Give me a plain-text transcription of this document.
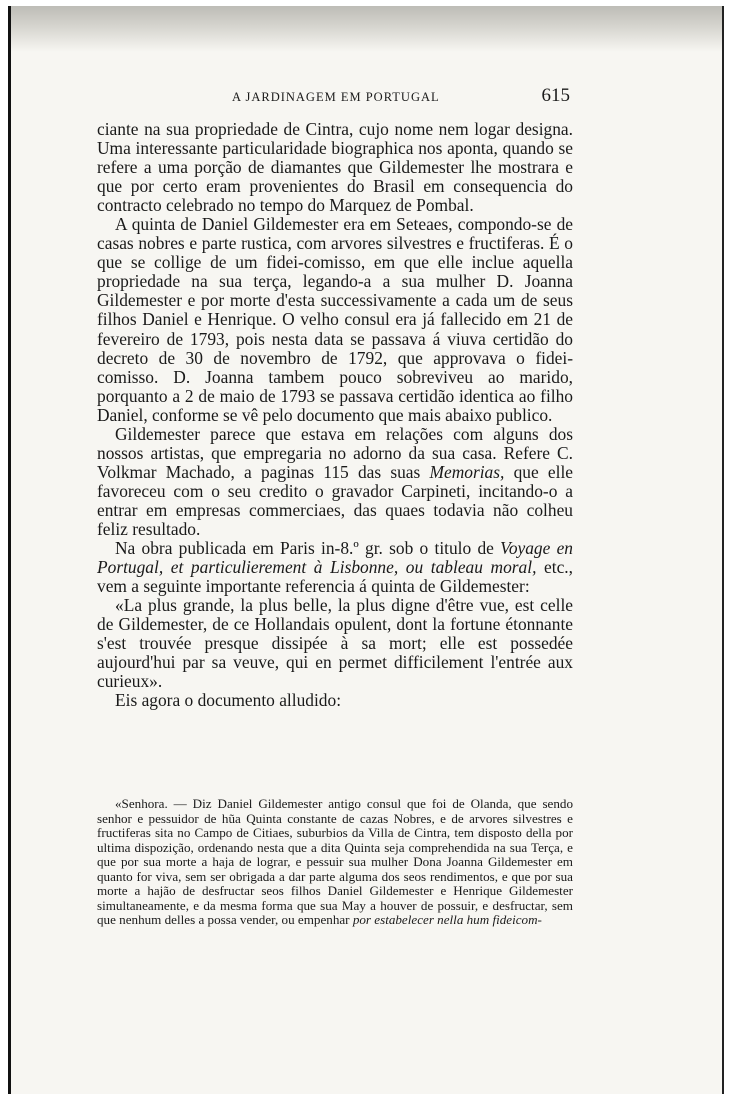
A JARDINAGEM EM PORTUGAL	615

ciante na sua propriedade de Cintra, cujo nome nem logar designa. Uma interessante particularidade biographica nos aponta, quando se refere a uma porção de diamantes que Gildemester lhe mostrara e que por certo eram provenientes do Brasil em consequencia do contracto celebrado no tempo do Marquez de Pombal.

A quinta de Daniel Gildemester era em Seteaes, compondo-se de casas nobres e parte rustica, com arvores silvestres e fructiferas. É o que se collige de um fidei-comisso, em que elle inclue aquella propriedade na sua terça, legando-a a sua mulher D. Joanna Gildemester e por morte d'esta successivamente a cada um de seus filhos Daniel e Henrique. O velho consul era já fallecido em 21 de fevereiro de 1793, pois nesta data se passava á viuva certidão do decreto de 30 de novembro de 1792, que approvava o fidei-comisso. D. Joanna tambem pouco sobreviveu ao marido, porquanto a 2 de maio de 1793 se passava certidão identica ao filho Daniel, conforme se vê pelo documento que mais abaixo publico.

Gildemester parece que estava em relações com alguns dos nossos artistas, que empregaria no adorno da sua casa. Refere C. Volkmar Machado, a paginas 115 das suas Memorias, que elle favoreceu com o seu credito o gravador Carpineti, incitando-o a entrar em empresas commerciaes, das quaes todavia não colheu feliz resultado.

Na obra publicada em Paris in-8.º gr. sob o titulo de Voyage en Portugal, et particulierement à Lisbonne, ou tableau moral, etc., vem a seguinte importante referencia á quinta de Gildemester:

«La plus grande, la plus belle, la plus digne d'être vue, est celle de Gildemester, de ce Hollandais opulent, dont la fortune étonnante s'est trouvée presque dissipée à sa mort; elle est possedée aujourd'hui par sa veuve, qui en permet difficilement l'entrée aux curieux».

Eis agora o documento alludido:

«Senhora. — Diz Daniel Gildemester antigo consul que foi de Olanda, que sendo senhor e pessuidor de hũa Quinta constante de cazas Nobres, e de arvores silvestres e fructiferas sita no Campo de Citiaes, suburbios da Villa de Cintra, tem disposto della por ultima dispozição, ordenando nesta que a dita Quinta seja comprehendida na sua Terça, e que por sua morte a haja de lograr, e pessuir sua mulher Dona Joanna Gildemester em quanto for viva, sem ser obrigada a dar parte alguma dos seos rendimentos, e que por sua morte a hajão de desfructar seos filhos Daniel Gildemester e Henrique Gildemester simultaneamente, e da mesma forma que sua May a houver de possuir, e desfructar, sem que nenhum delles a possa vender, ou empenhar por estabelecer nella hum fideicom-
